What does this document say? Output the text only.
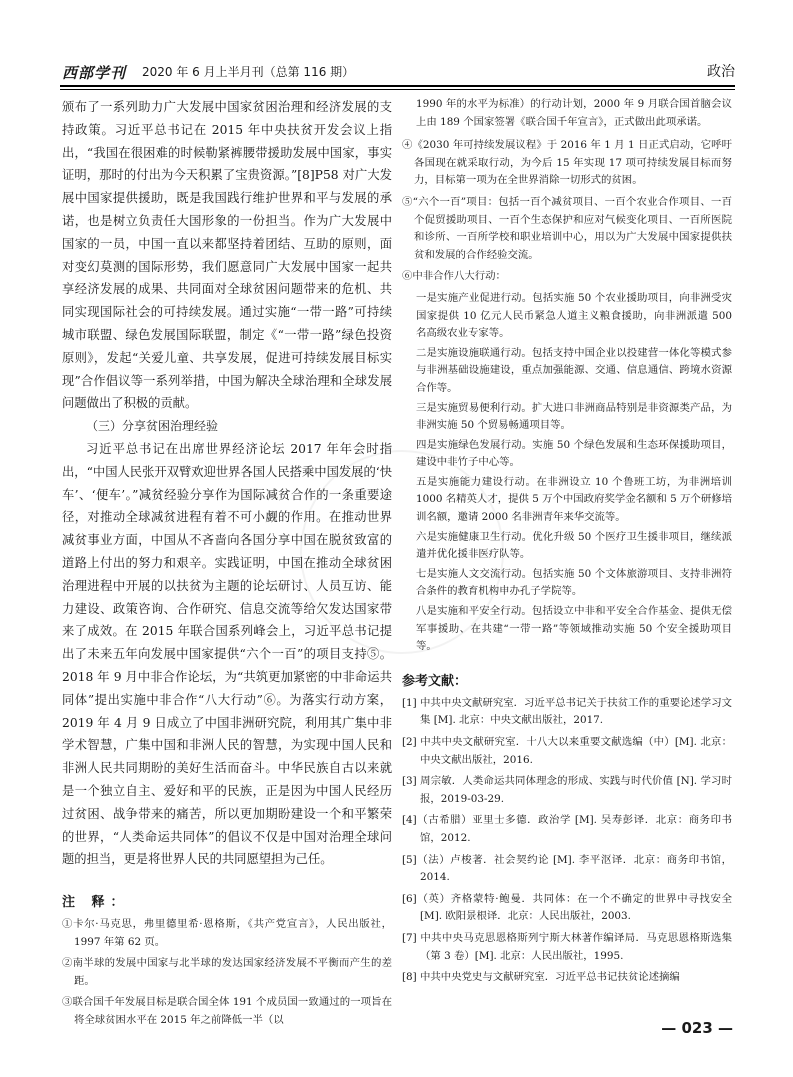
西部学刊 2020 年 6 月上半月刊（总第 116 期）	政治

颁布了一系列助力广大发展中国家贫困治理和经济发展的支持政策。习近平总书记在 2015 年中央扶贫开发会议上指出，“我国在很困难的时候勒紧裤腰带援助发展中国家，事实证明，那时的付出为今天积累了宝贵资源。”[8]P58 对广大发展中国家提供援助，既是我国践行维护世界和平与发展的承诺，也是树立负责任大国形象的一份担当。作为广大发展中国家的一员，中国一直以来都坚持着团结、互助的原则，面对变幻莫测的国际形势，我们愿意同广大发展中国家一起共享经济发展的成果、共同面对全球贫困问题带来的危机、共同实现国际社会的可持续发展。通过实施“一带一路”可持续城市联盟、绿色发展国际联盟，制定《“一带一路”绿色投资原则》，发起“关爱儿童、共享发展，促进可持续发展目标实现”合作倡议等一系列举措，中国为解决全球治理和全球发展问题做出了积极的贡献。

（三）分享贫困治理经验

习近平总书记在出席世界经济论坛 2017 年年会时指出，“中国人民张开双臂欢迎世界各国人民搭乘中国发展的‘快车’、‘便车’。”减贫经验分享作为国际减贫合作的一条重要途径，对推动全球减贫进程有着不可小觑的作用。在推动世界减贫事业方面，中国从不吝啬向各国分享中国在脱贫致富的道路上付出的努力和艰辛。实践证明，中国在推动全球贫困治理进程中开展的以扶贫为主题的论坛研讨、人员互访、能力建设、政策咨询、合作研究、信息交流等给欠发达国家带来了成效。在 2015 年联合国系列峰会上，习近平总书记提出了未来五年向发展中国家提供“六个一百”的项目支持⑤。2018 年 9 月中非合作论坛，为“共筑更加紧密的中非命运共同体”提出实施中非合作“八大行动”⑥。为落实行动方案，2019 年 4 月 9 日成立了中国非洲研究院，利用其广集中非学术智慧，广集中国和非洲人民的智慧，为实现中国人民和非洲人民共同期盼的美好生活而奋斗。中华民族自古以来就是一个独立自主、爱好和平的民族，正是因为中国人民经历过贫困、战争带来的痛苦，所以更加期盼建设一个和平繁荣的世界，“人类命运共同体”的倡议不仅是中国对治理全球问题的担当，更是将世界人民的共同愿望担为己任。

注 释：

①卡尔·马克思，弗里德里希·恩格斯，《共产党宣言》，人民出版社，1997 年第 62 页。

②南半球的发展中国家与北半球的发达国家经济发展不平衡而产生的差距。

③联合国千年发展目标是联合国全体 191 个成员国一致通过的一项旨在将全球贫困水平在 2015 年之前降低一半（以

1990 年的水平为标准）的行动计划，2000 年 9 月联合国首脑会议上由 189 个国家签署《联合国千年宣言》，正式做出此项承诺。

④《2030 年可持续发展议程》于 2016 年 1 月 1 日正式启动，它呼吁各国现在就采取行动，为今后 15 年实现 17 项可持续发展目标而努力，目标第一项为在全世界消除一切形式的贫困。

⑤“六个一百”项目：包括一百个减贫项目、一百个农业合作项目、一百个促贸援助项目、一百个生态保护和应对气候变化项目、一百所医院和诊所、一百所学校和职业培训中心，用以为广大发展中国家提供扶贫和发展的合作经验交流。

⑥中非合作八大行动：

一是实施产业促进行动。包括实施 50 个农业援助项目，向非洲受灾国家提供 10 亿元人民币紧急人道主义粮食援助，向非洲派遣 500 名高级农业专家等。

二是实施设施联通行动。包括支持中国企业以投建营一体化等模式参与非洲基础设施建设，重点加强能源、交通、信息通信、跨境水资源合作等。

三是实施贸易便利行动。扩大进口非洲商品特别是非资源类产品，为非洲实施 50 个贸易畅通项目等。

四是实施绿色发展行动。实施 50 个绿色发展和生态环保援助项目，建设中非竹子中心等。

五是实施能力建设行动。在非洲设立 10 个鲁班工坊，为非洲培训 1000 名精英人才，提供 5 万个中国政府奖学金名额和 5 万个研修培训名额，邀请 2000 名非洲青年来华交流等。

六是实施健康卫生行动。优化升级 50 个医疗卫生援非项目，继续派遣并优化援非医疗队等。

七是实施人文交流行动。包括实施 50 个文体旅游项目、支持非洲符合条件的教育机构申办孔子学院等。

八是实施和平安全行动。包括设立中非和平安全合作基金、提供无偿军事援助、在共建“一带一路”等领域推动实施 50 个安全援助项目等。

参考文献：

[1] 中共中央文献研究室．习近平总书记关于扶贫工作的重要论述学习文集 [M]. 北京：中央文献出版社，2017.

[2] 中共中央文献研究室．十八大以来重要文献选编（中）[M]. 北京：中央文献出版社，2016.

[3] 周宗敏．人类命运共同体理念的形成、实践与时代价值 [N]. 学习时报，2019-03-29.

[4]（古希腊）亚里士多德．政治学 [M]. 吴寿彭译．北京：商务印书馆，2012.

[5]（法）卢梭著．社会契约论 [M]. 李平沤译．北京：商务印书馆，2014.

[6]（英）齐格蒙特·鲍曼．共同体：在一个不确定的世界中寻找安全 [M]. 欧阳景根译．北京：人民出版社，2003.

[7] 中共中央马克思恩格斯列宁斯大林著作编译局．马克思恩格斯选集（第 3 卷）[M]. 北京：人民出版社，1995.

[8] 中共中央党史与文献研究室．习近平总书记扶贫论述摘编

— 023 —
